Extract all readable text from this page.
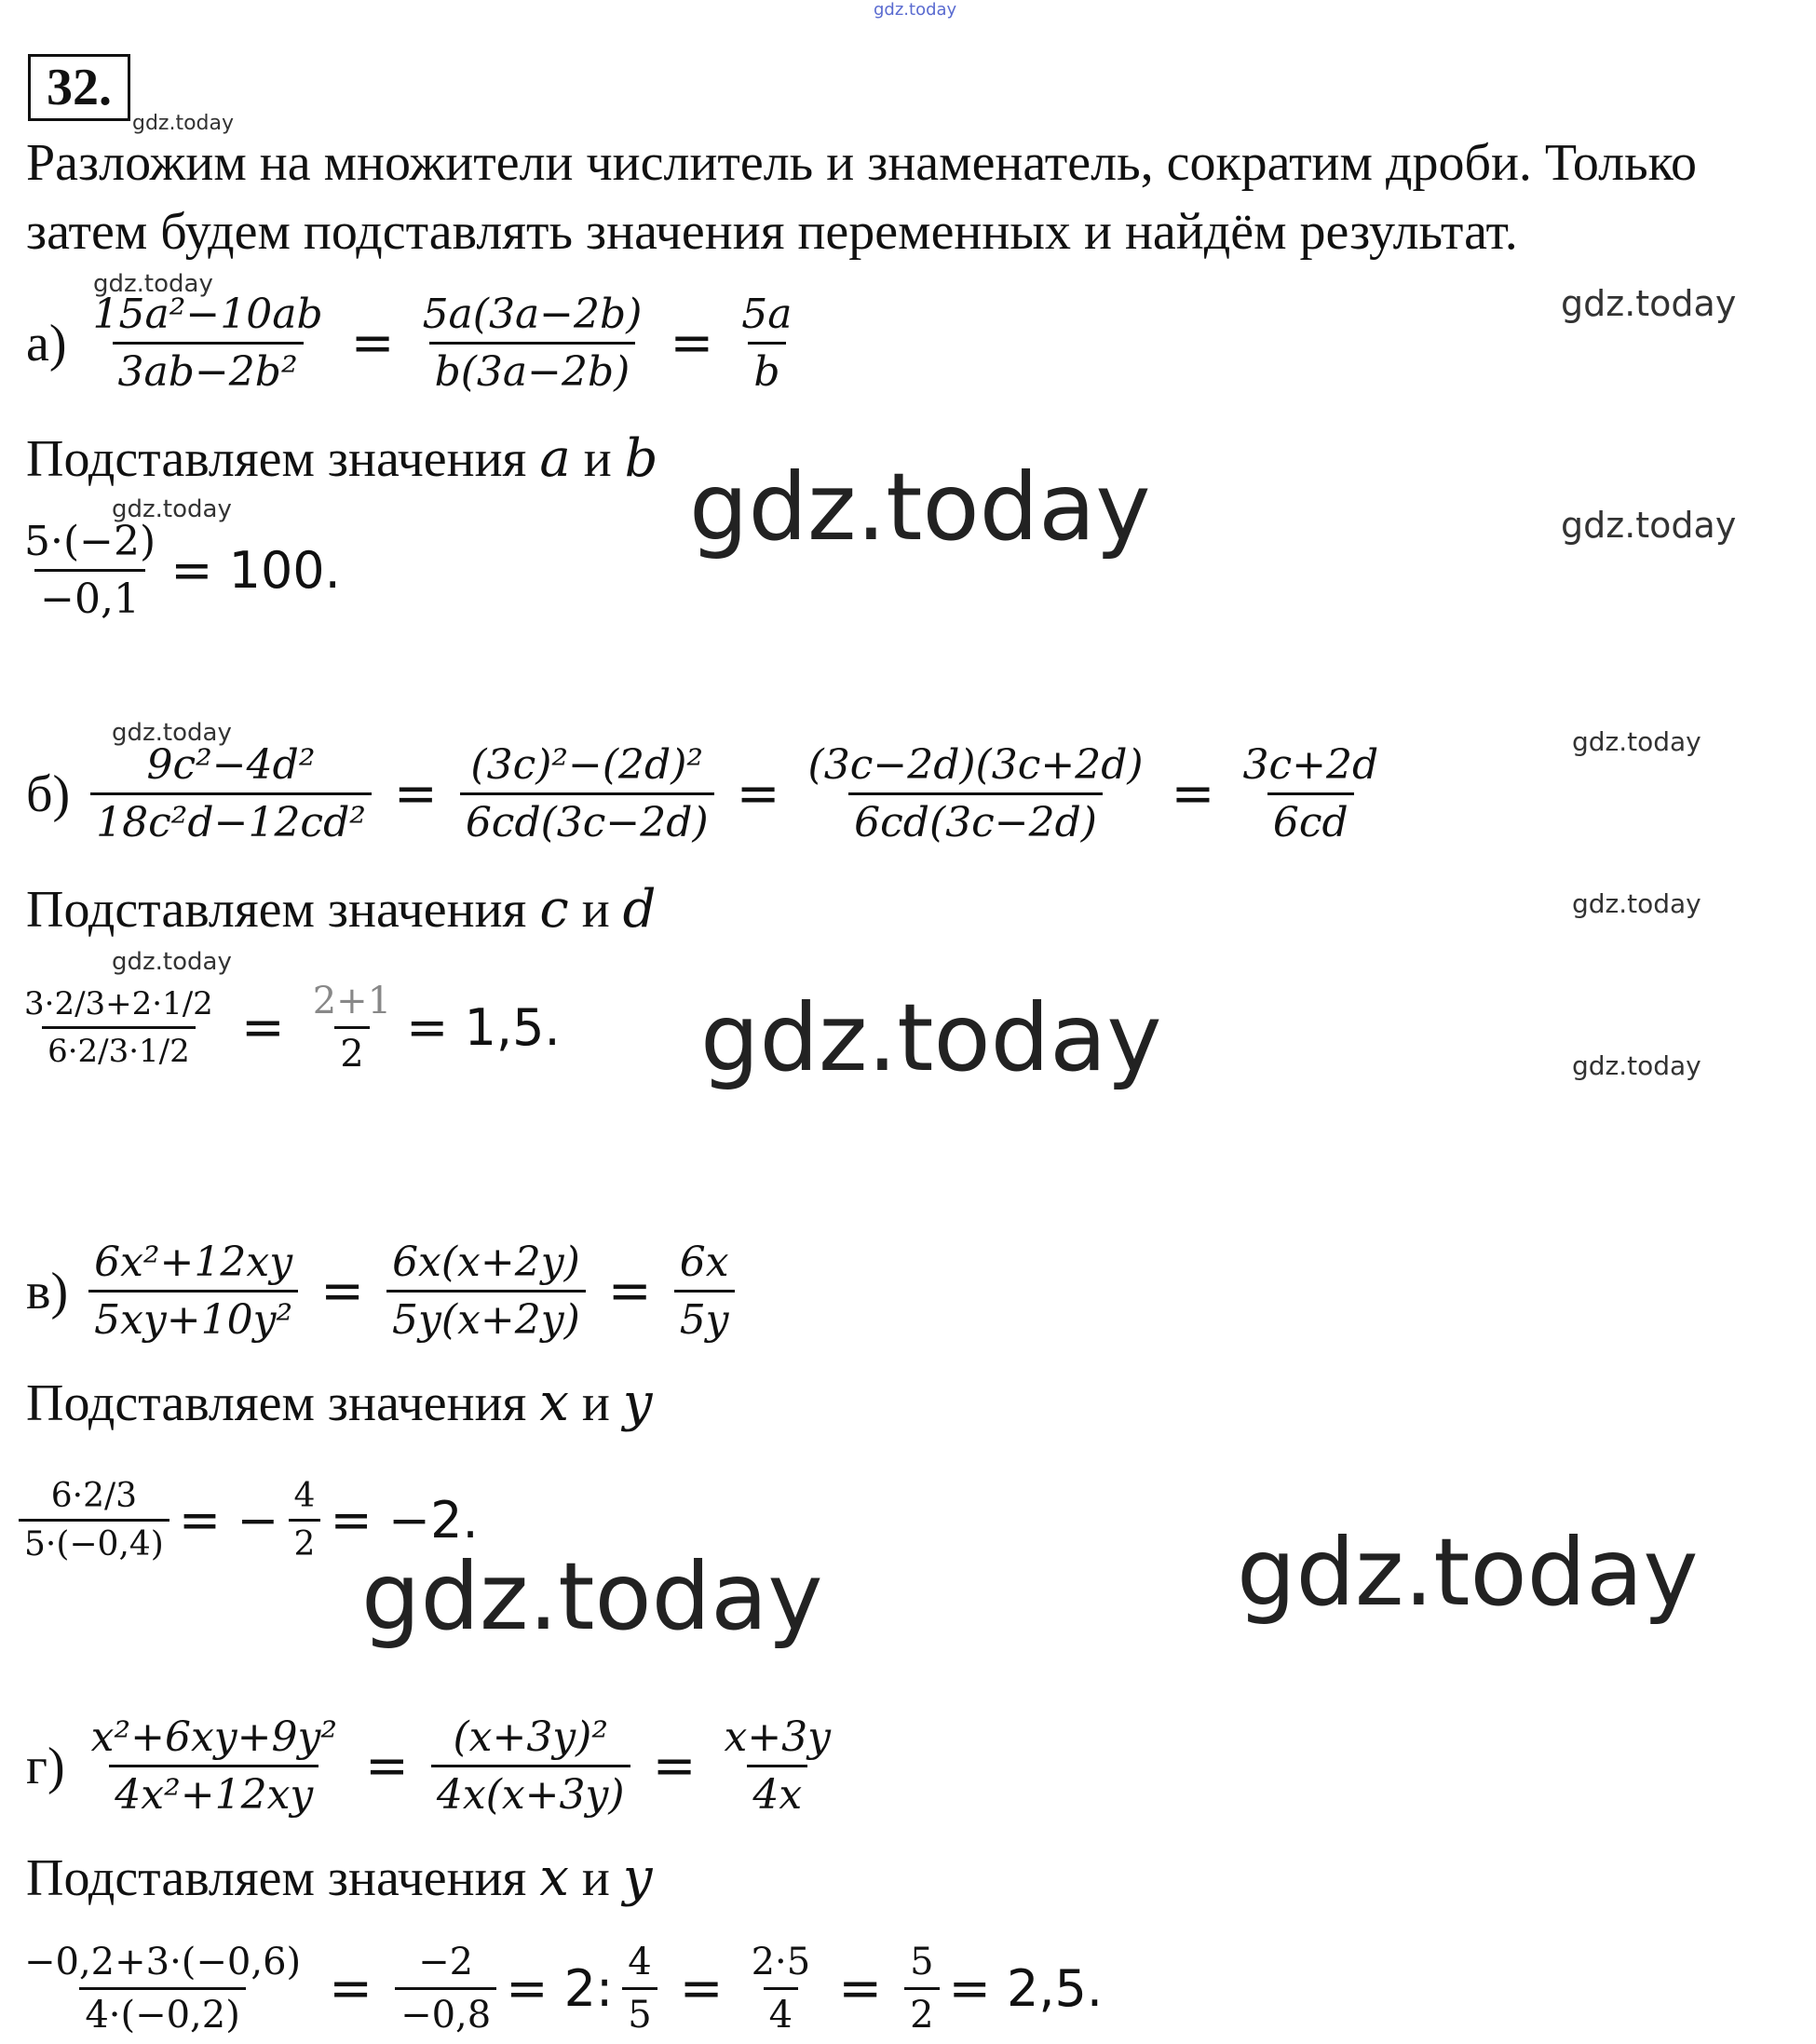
gdz.today
gdz.today
gdz.today	gdz.today
gdz.today	gdz.today
gdz.today	gdz.today
gdz.today
gdz.today
gdz.today
gdz.today
gdz.today
gdz.today	gdz.today
32.
Разложим на множители числитель и знаменатель, сократим дроби. Только
затем будем подставлять значения переменных и найдём результат.
$а) \frac{\text{15a²−10ab}}{\text{3ab−2b²}} = \frac{5a(3a-2b)}{b(3a-2b)} = \frac{5a}{b}$
Подставляем значения a и b
$\frac{5\cdot(-2)}{-0,1} = 100$.
$б) \frac{\text{9c²−4d²}}{\text{18c²d−12cd²}} = \frac{\text{(3c)²−(2d)²}}{6cd(3c-2d)} = \frac{(3c-2d)(3c+2d)}{6cd(3c-2d)} = \frac{3c+2d}{6cd}$
Подставляем значения c и d
$\frac{3\cdot 2/3+2\cdot 1/2}{6\cdot 2/3\cdot 1/2} = \frac{2+1}{2} = 1,5$.
$в) \frac{\text{6x²+12xy}}{\text{5xy+10y²}} = \frac{6x(x+2y)}{5y(x+2y)} = \frac{6x}{5y}$
Подставляем значения x и y
$\frac{6\cdot 2/3}{5\cdot(-0,4)}$ = − $\frac{4}{2} = -2$.
$г) \frac{\text{x²+6xy+9y²}}{\text{4x²+12xy}} = \frac{\text{(x+3y)²}}{4x(x+3y)} = \frac{x+3y}{4x}$
Подставляем значения x и y
$\frac{-0,2+3\cdot(-0,6)}{4\cdot(-0,2)} = \frac{-2}{-0,8} = 2$: $\frac{4}{5} = \frac{2\cdot 5}{4} = \frac{5}{2} = 2,5$.
